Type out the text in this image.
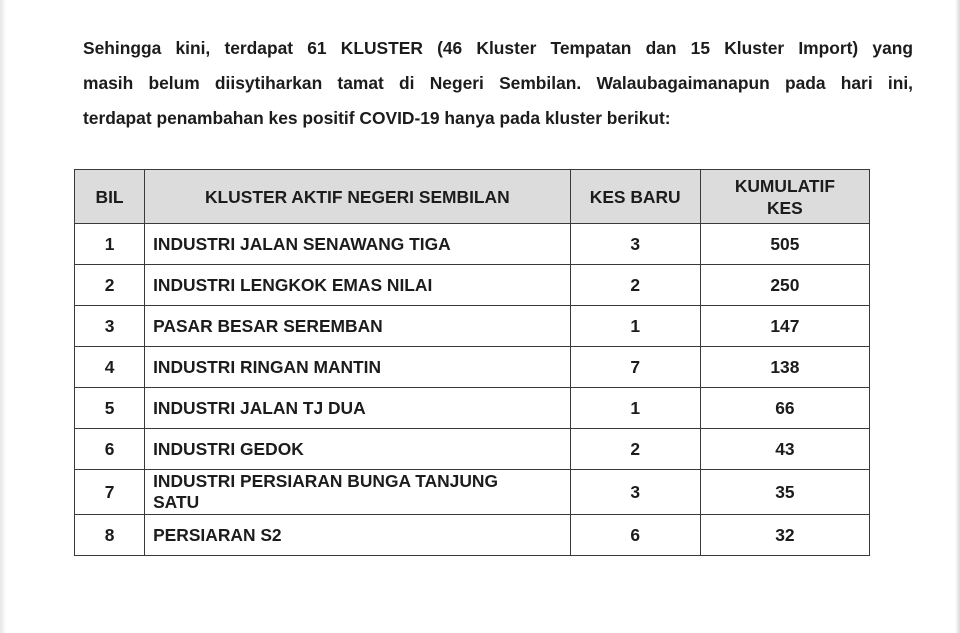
Sehingga kini, terdapat 61 KLUSTER (46 Kluster Tempatan dan 15 Kluster Import) yang
masih belum diisytiharkan tamat di Negeri Sembilan. Walaubagaimanapun pada hari ini,
terdapat penambahan kes positif COVID-19 hanya pada kluster berikut:
BIL	KLUSTER AKTIF NEGERI SEMBILAN	KES BARU	KUMULATIF
KES
1	INDUSTRI JALAN SENAWANG TIGA	3	505
2	INDUSTRI LENGKOK EMAS NILAI	2	250
3	PASAR BESAR SEREMBAN	1	147
4	INDUSTRI RINGAN MANTIN	7	138
5	INDUSTRI JALAN TJ DUA	1	66
6	INDUSTRI GEDOK	2	43
7	INDUSTRI PERSIARAN BUNGA TANJUNG
SATU	3	35
8	PERSIARAN S2	6	32
